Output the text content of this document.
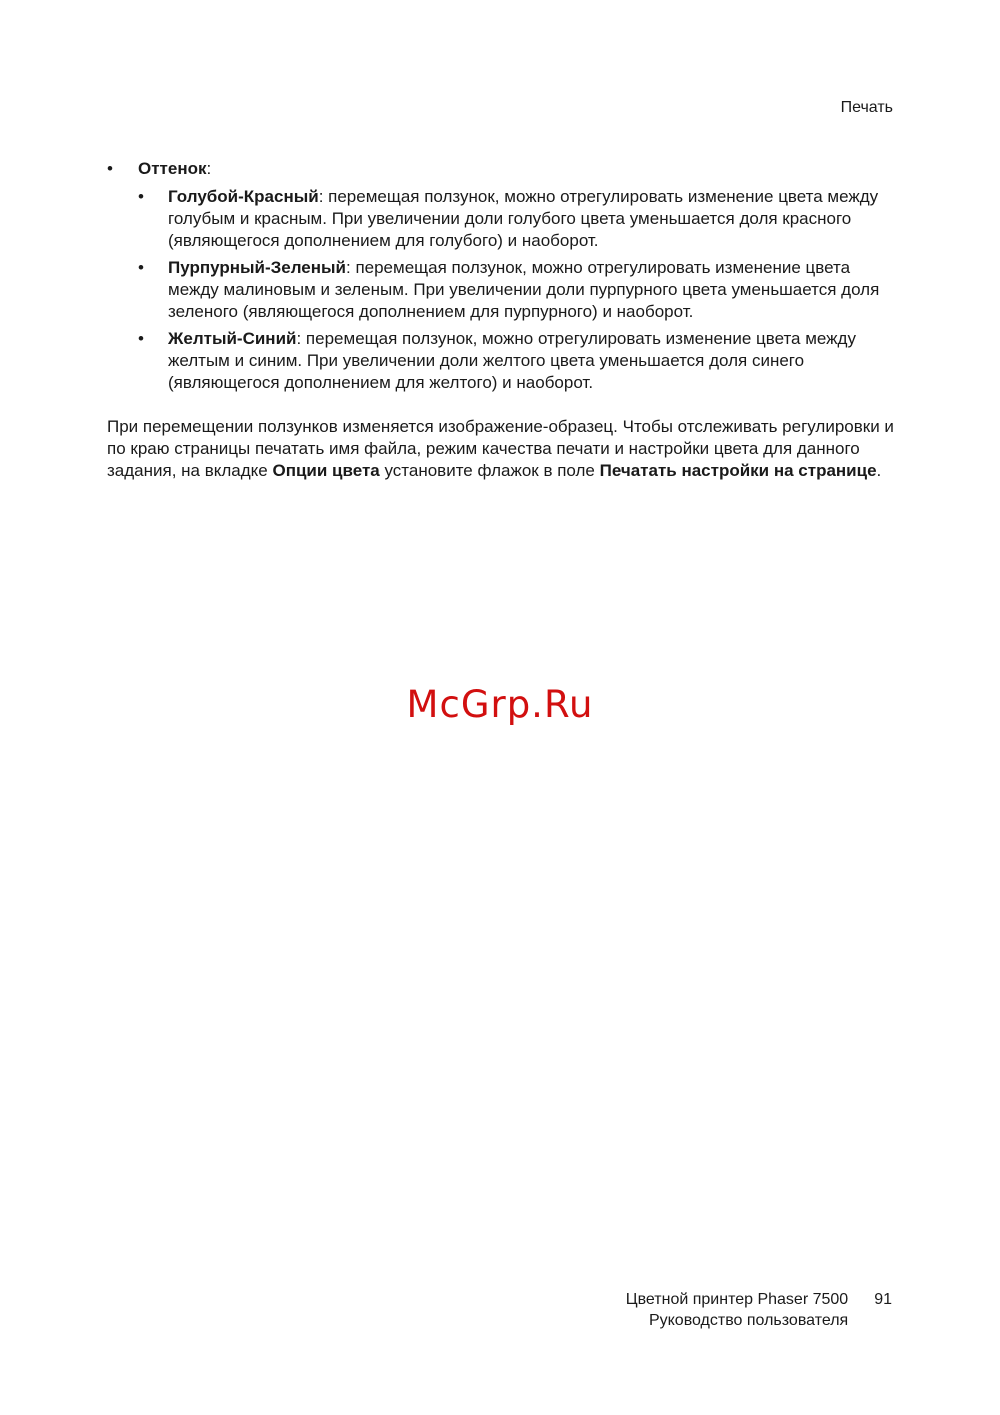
Печать
• Оттенок:
• Голубой-Красный: перемещая ползунок, можно отрегулировать изменение цвета между голубым и красным. При увеличении доли голубого цвета уменьшается доля красного (являющегося дополнением для голубого) и наоборот.
• Пурпурный-Зеленый: перемещая ползунок, можно отрегулировать изменение цвета между малиновым и зеленым. При увеличении доли пурпурного цвета уменьшается доля зеленого (являющегося дополнением для пурпурного) и наоборот.
• Желтый-Синий: перемещая ползунок, можно отрегулировать изменение цвета между желтым и синим. При увеличении доли желтого цвета уменьшается доля синего (являющегося дополнением для желтого) и наоборот.

При перемещении ползунков изменяется изображение-образец. Чтобы отслеживать регулировки и по краю страницы печатать имя файла, режим качества печати и настройки цвета для данного задания, на вкладке Опции цвета установите флажок в поле Печатать настройки на странице.

McGrp.Ru
Цветной принтер Phaser 7500
Руководство пользователя
91
